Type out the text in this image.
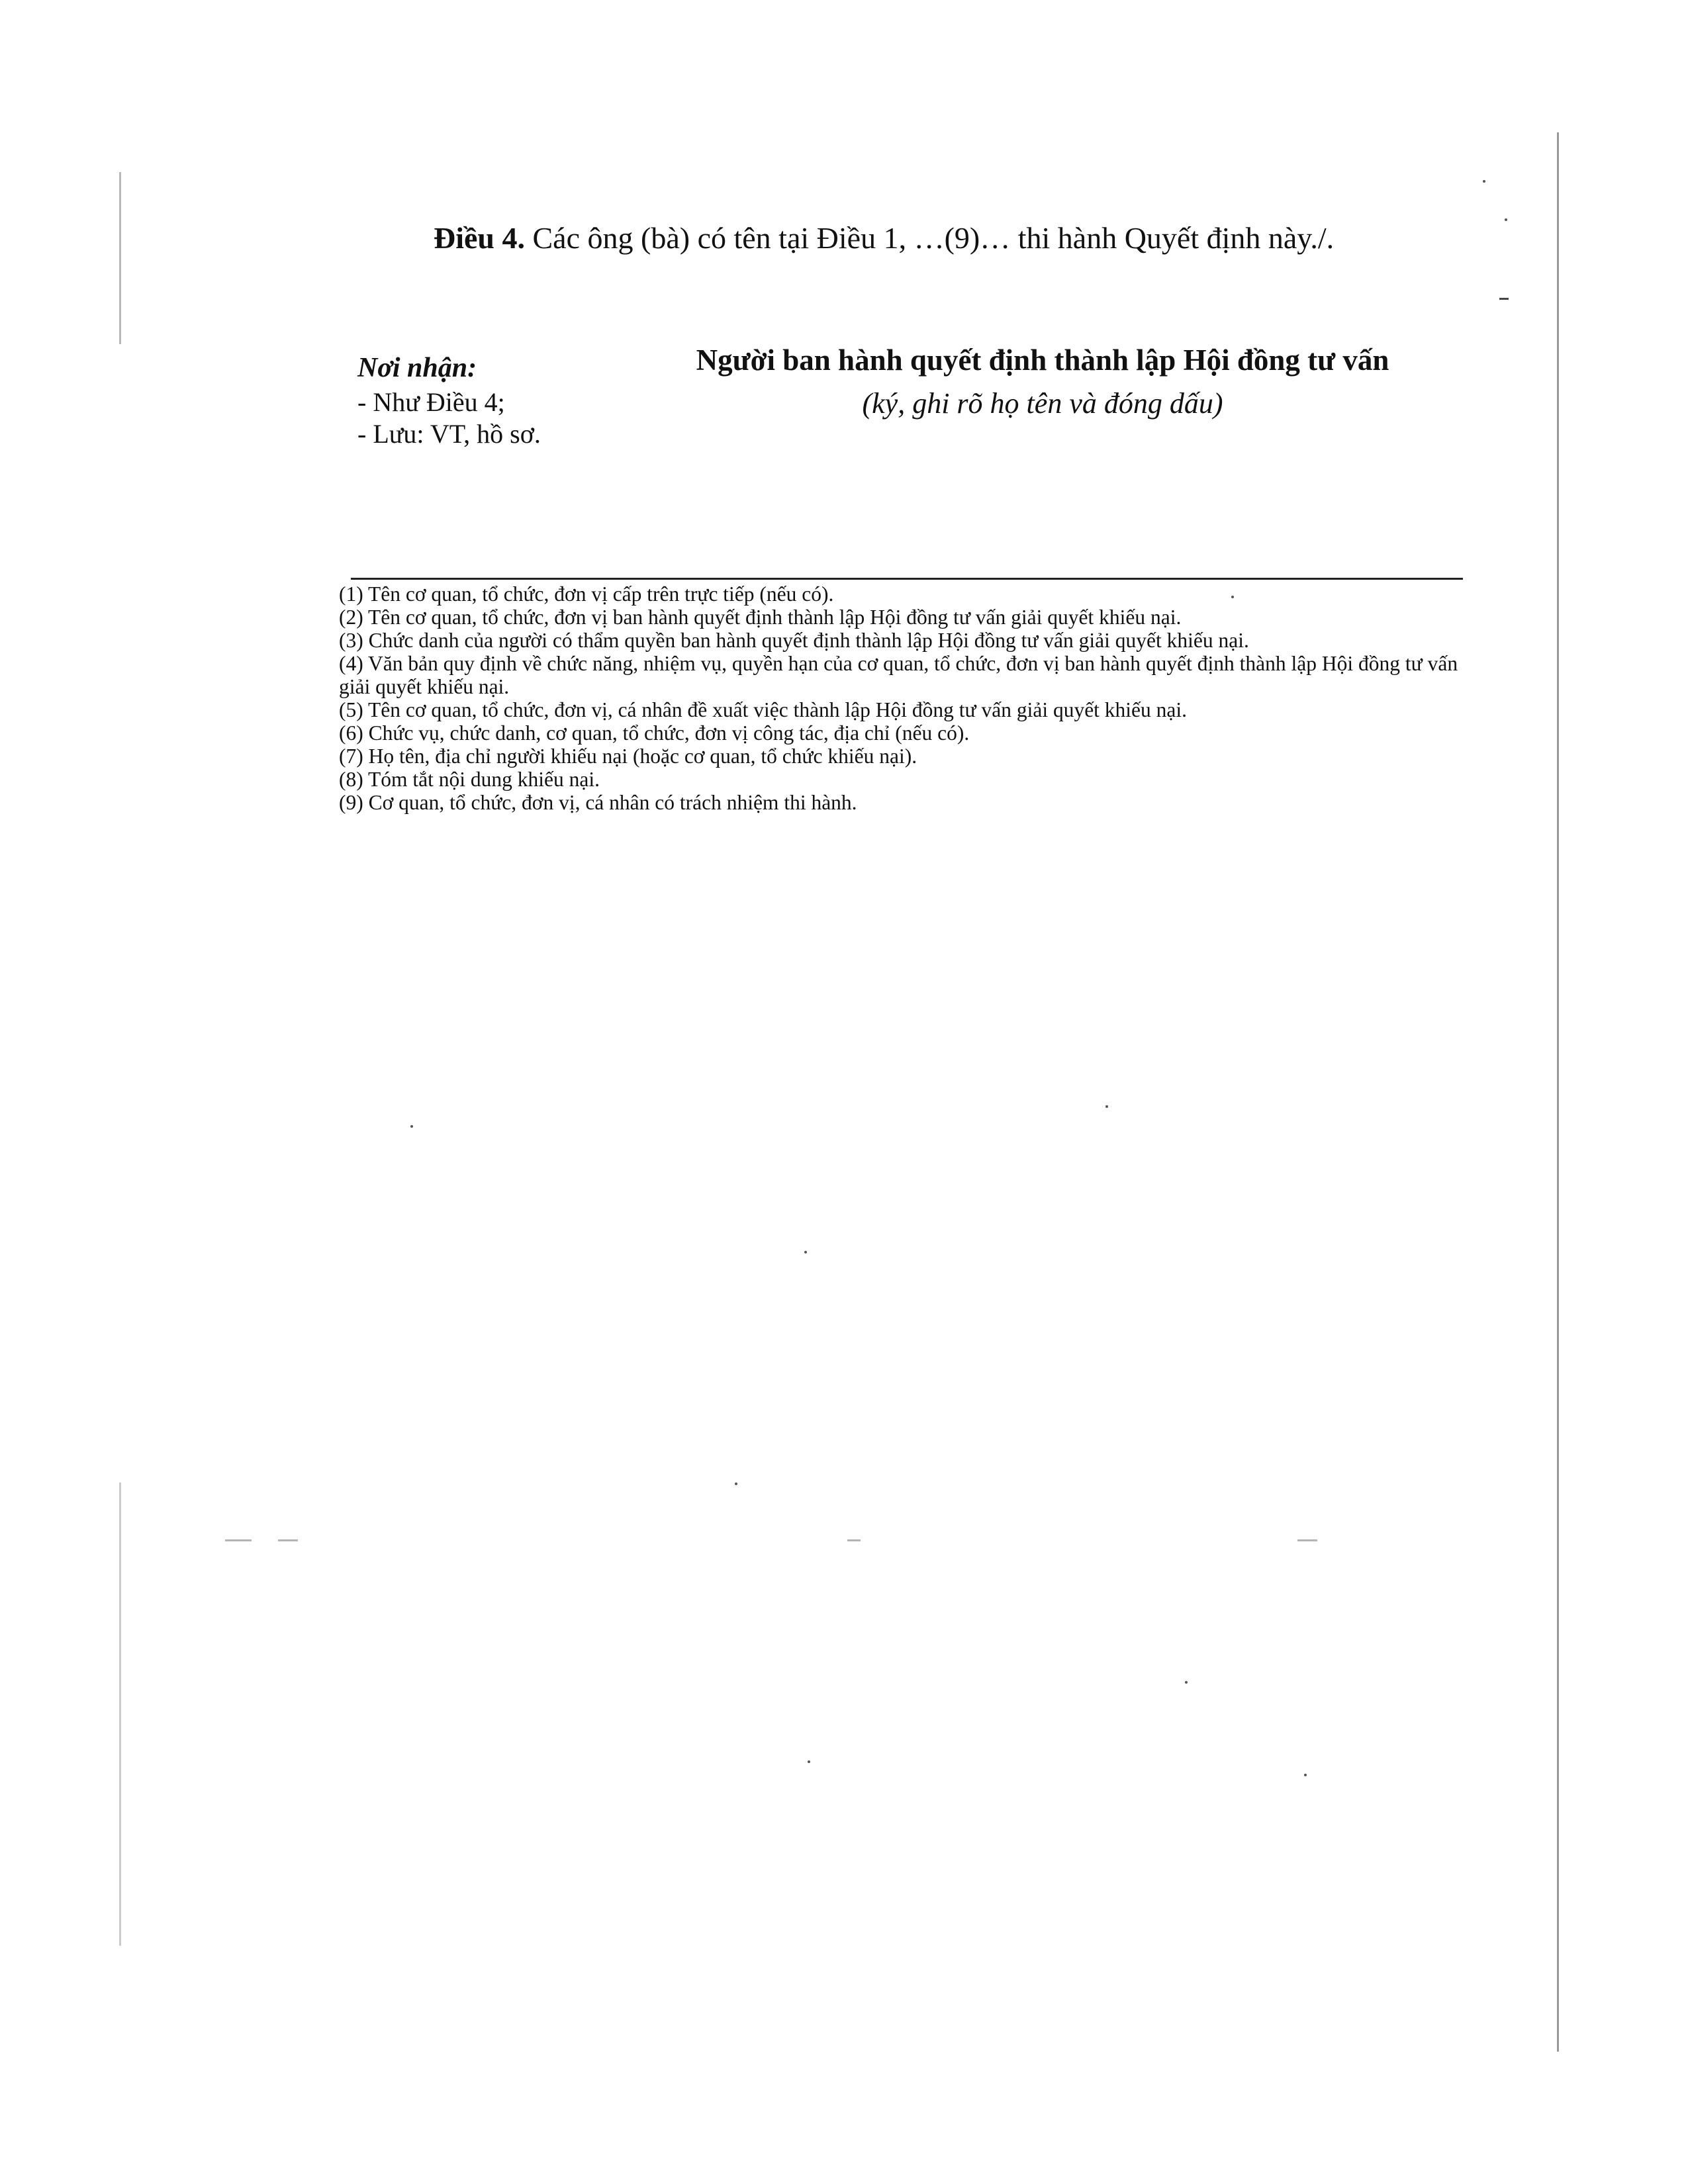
Điều 4. Các ông (bà) có tên tại Điều 1, …(9)… thi hành Quyết định này./.
Nơi nhận:
- Như Điều 4;
- Lưu: VT, hồ sơ.
Người ban hành quyết định thành lập Hội đồng tư vấn
(ký, ghi rõ họ tên và đóng dấu)

(1) Tên cơ quan, tổ chức, đơn vị cấp trên trực tiếp (nếu có).

(2) Tên cơ quan, tổ chức, đơn vị ban hành quyết định thành lập Hội đồng tư vấn giải quyết khiếu nại.

(3) Chức danh của người có thẩm quyền ban hành quyết định thành lập Hội đồng tư vấn giải quyết khiếu nại.

(4) Văn bản quy định về chức năng, nhiệm vụ, quyền hạn của cơ quan, tổ chức, đơn vị ban hành quyết định thành lập Hội đồng tư vấn giải quyết khiếu nại.

(5) Tên cơ quan, tổ chức, đơn vị, cá nhân đề xuất việc thành lập Hội đồng tư vấn giải quyết khiếu nại.

(6) Chức vụ, chức danh, cơ quan, tổ chức, đơn vị công tác, địa chỉ (nếu có).

(7) Họ tên, địa chỉ người khiếu nại (hoặc cơ quan, tổ chức khiếu nại).

(8) Tóm tắt nội dung khiếu nại.

(9) Cơ quan, tổ chức, đơn vị, cá nhân có trách nhiệm thi hành.
